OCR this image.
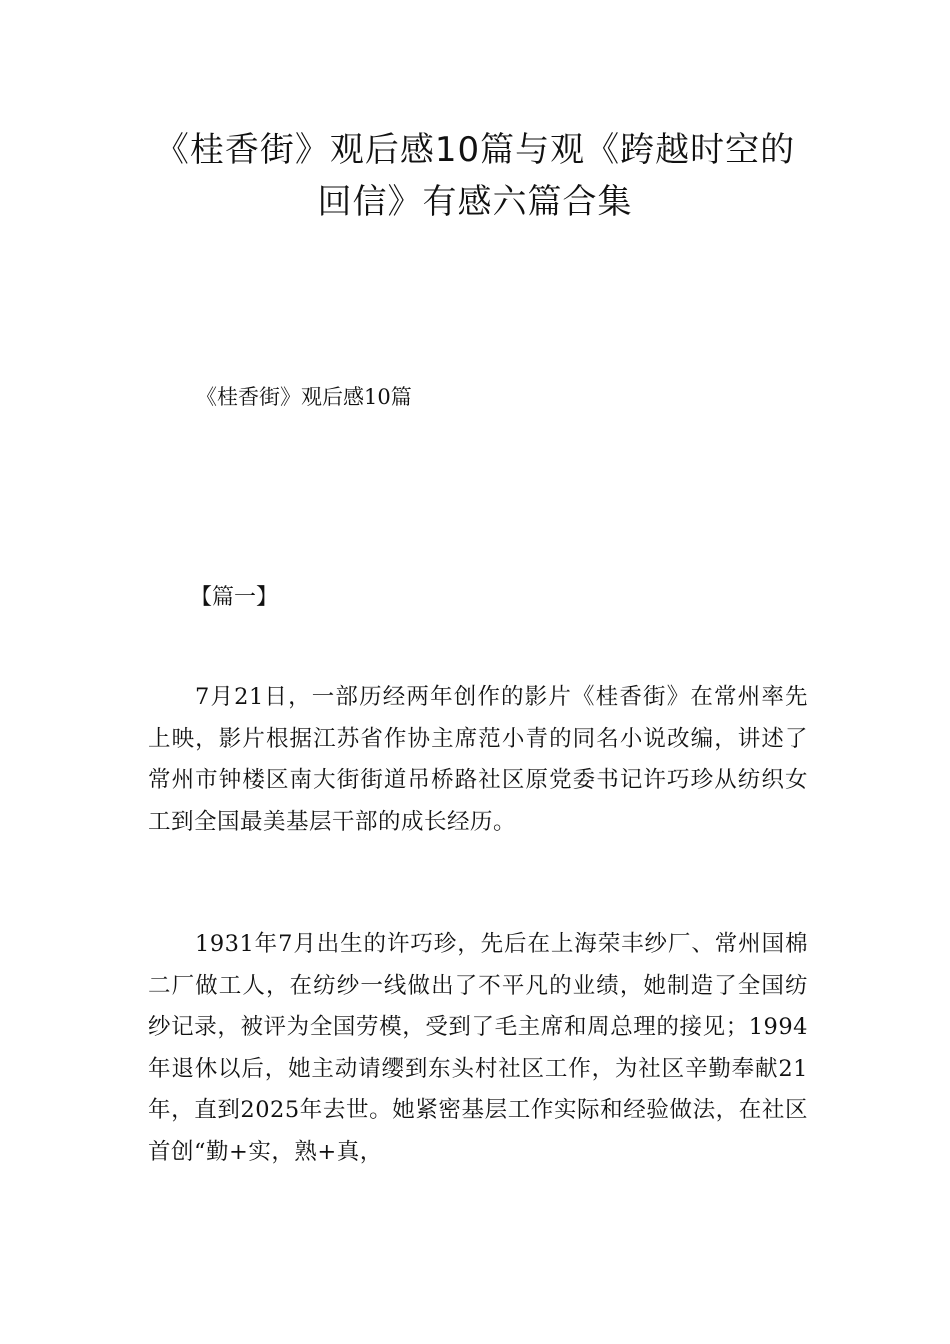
《桂香街》观后感10篇与观《跨越时空的
回信》有感六篇合集
《桂香街》观后感10篇
【篇一】

7月21日，一部历经两年创作的影片《桂香街》在常州率先上映，影片根据江苏省作协主席范小青的同名小说改编，讲述了常州市钟楼区南大街街道吊桥路社区原党委书记许巧珍从纺织女工到全国最美基层干部的成长经历。

1931年7月出生的许巧珍，先后在上海荣丰纱厂、常州国棉二厂做工人，在纺纱一线做出了不平凡的业绩，她制造了全国纺纱记录，被评为全国劳模，受到了毛主席和周总理的接见；1994年退休以后，她主动请缨到东头村社区工作，为社区辛勤奉献21年，直到2025年去世。她紧密基层工作实际和经验做法，在社区首创“勤+实，熟+真，
